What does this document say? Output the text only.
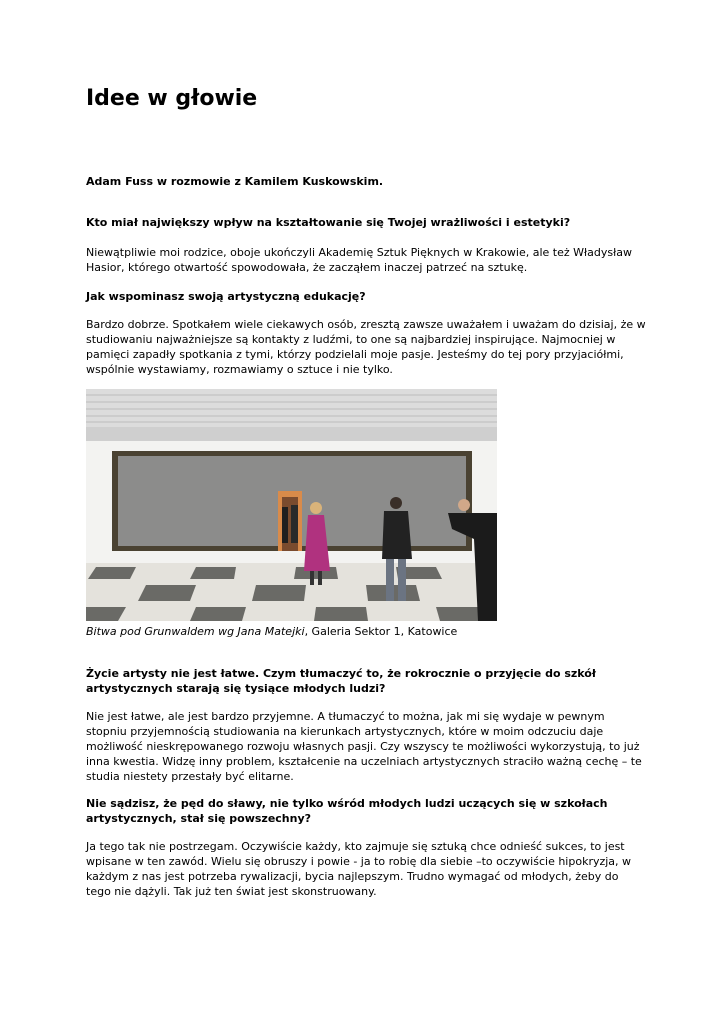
Idee w głowie

Adam Fuss w rozmowie z Kamilem Kuskowskim.

Kto miał największy wpływ na kształtowanie się Twojej wrażliwości i estetyki?

Niewątpliwie moi rodzice, oboje ukończyli Akademię Sztuk Pięknych w Krakowie, ale też Władysław Hasior, którego otwartość spowodowała, że zacząłem inaczej patrzeć na sztukę.

Jak wspominasz swoją artystyczną edukację?

Bardzo dobrze. Spotkałem wiele ciekawych osób, zresztą zawsze uważałem i uważam do dzisiaj, że w studiowaniu najważniejsze są kontakty z ludźmi, to one są najbardziej inspirujące. Najmocniej w pamięci zapadły spotkania z tymi, którzy podzielali moje pasje. Jesteśmy do tej pory przyjaciółmi, wspólnie wystawiamy, rozmawiamy o sztuce i nie tylko.

Bitwa pod Grunwaldem wg Jana Matejki, Galeria Sektor 1, Katowice

Życie artysty nie jest łatwe. Czym tłumaczyć to, że rokrocznie o przyjęcie do szkół artystycznych starają się tysiące młodych ludzi?

Nie jest łatwe, ale jest bardzo przyjemne. A tłumaczyć to można, jak mi się wydaje w pewnym stopniu przyjemnością studiowania na kierunkach artystycznych, które w moim odczuciu daje możliwość nieskrępowanego rozwoju własnych pasji. Czy wszyscy te możliwości wykorzystują, to już inna kwestia. Widzę inny problem, kształcenie na uczelniach artystycznych straciło ważną cechę – te studia niestety przestały być elitarne.

Nie sądzisz, że pęd do sławy, nie tylko wśród młodych ludzi uczących się w szkołach artystycznych, stał się powszechny?

Ja tego tak nie postrzegam. Oczywiście każdy, kto zajmuje się sztuką chce odnieść sukces, to jest wpisane w ten zawód. Wielu się obruszy i powie - ja to robię dla siebie –to oczywiście hipokryzja, w każdym z nas jest potrzeba rywalizacji, bycia najlepszym. Trudno wymagać od młodych, żeby do tego nie dążyli. Tak już ten świat jest skonstruowany.
